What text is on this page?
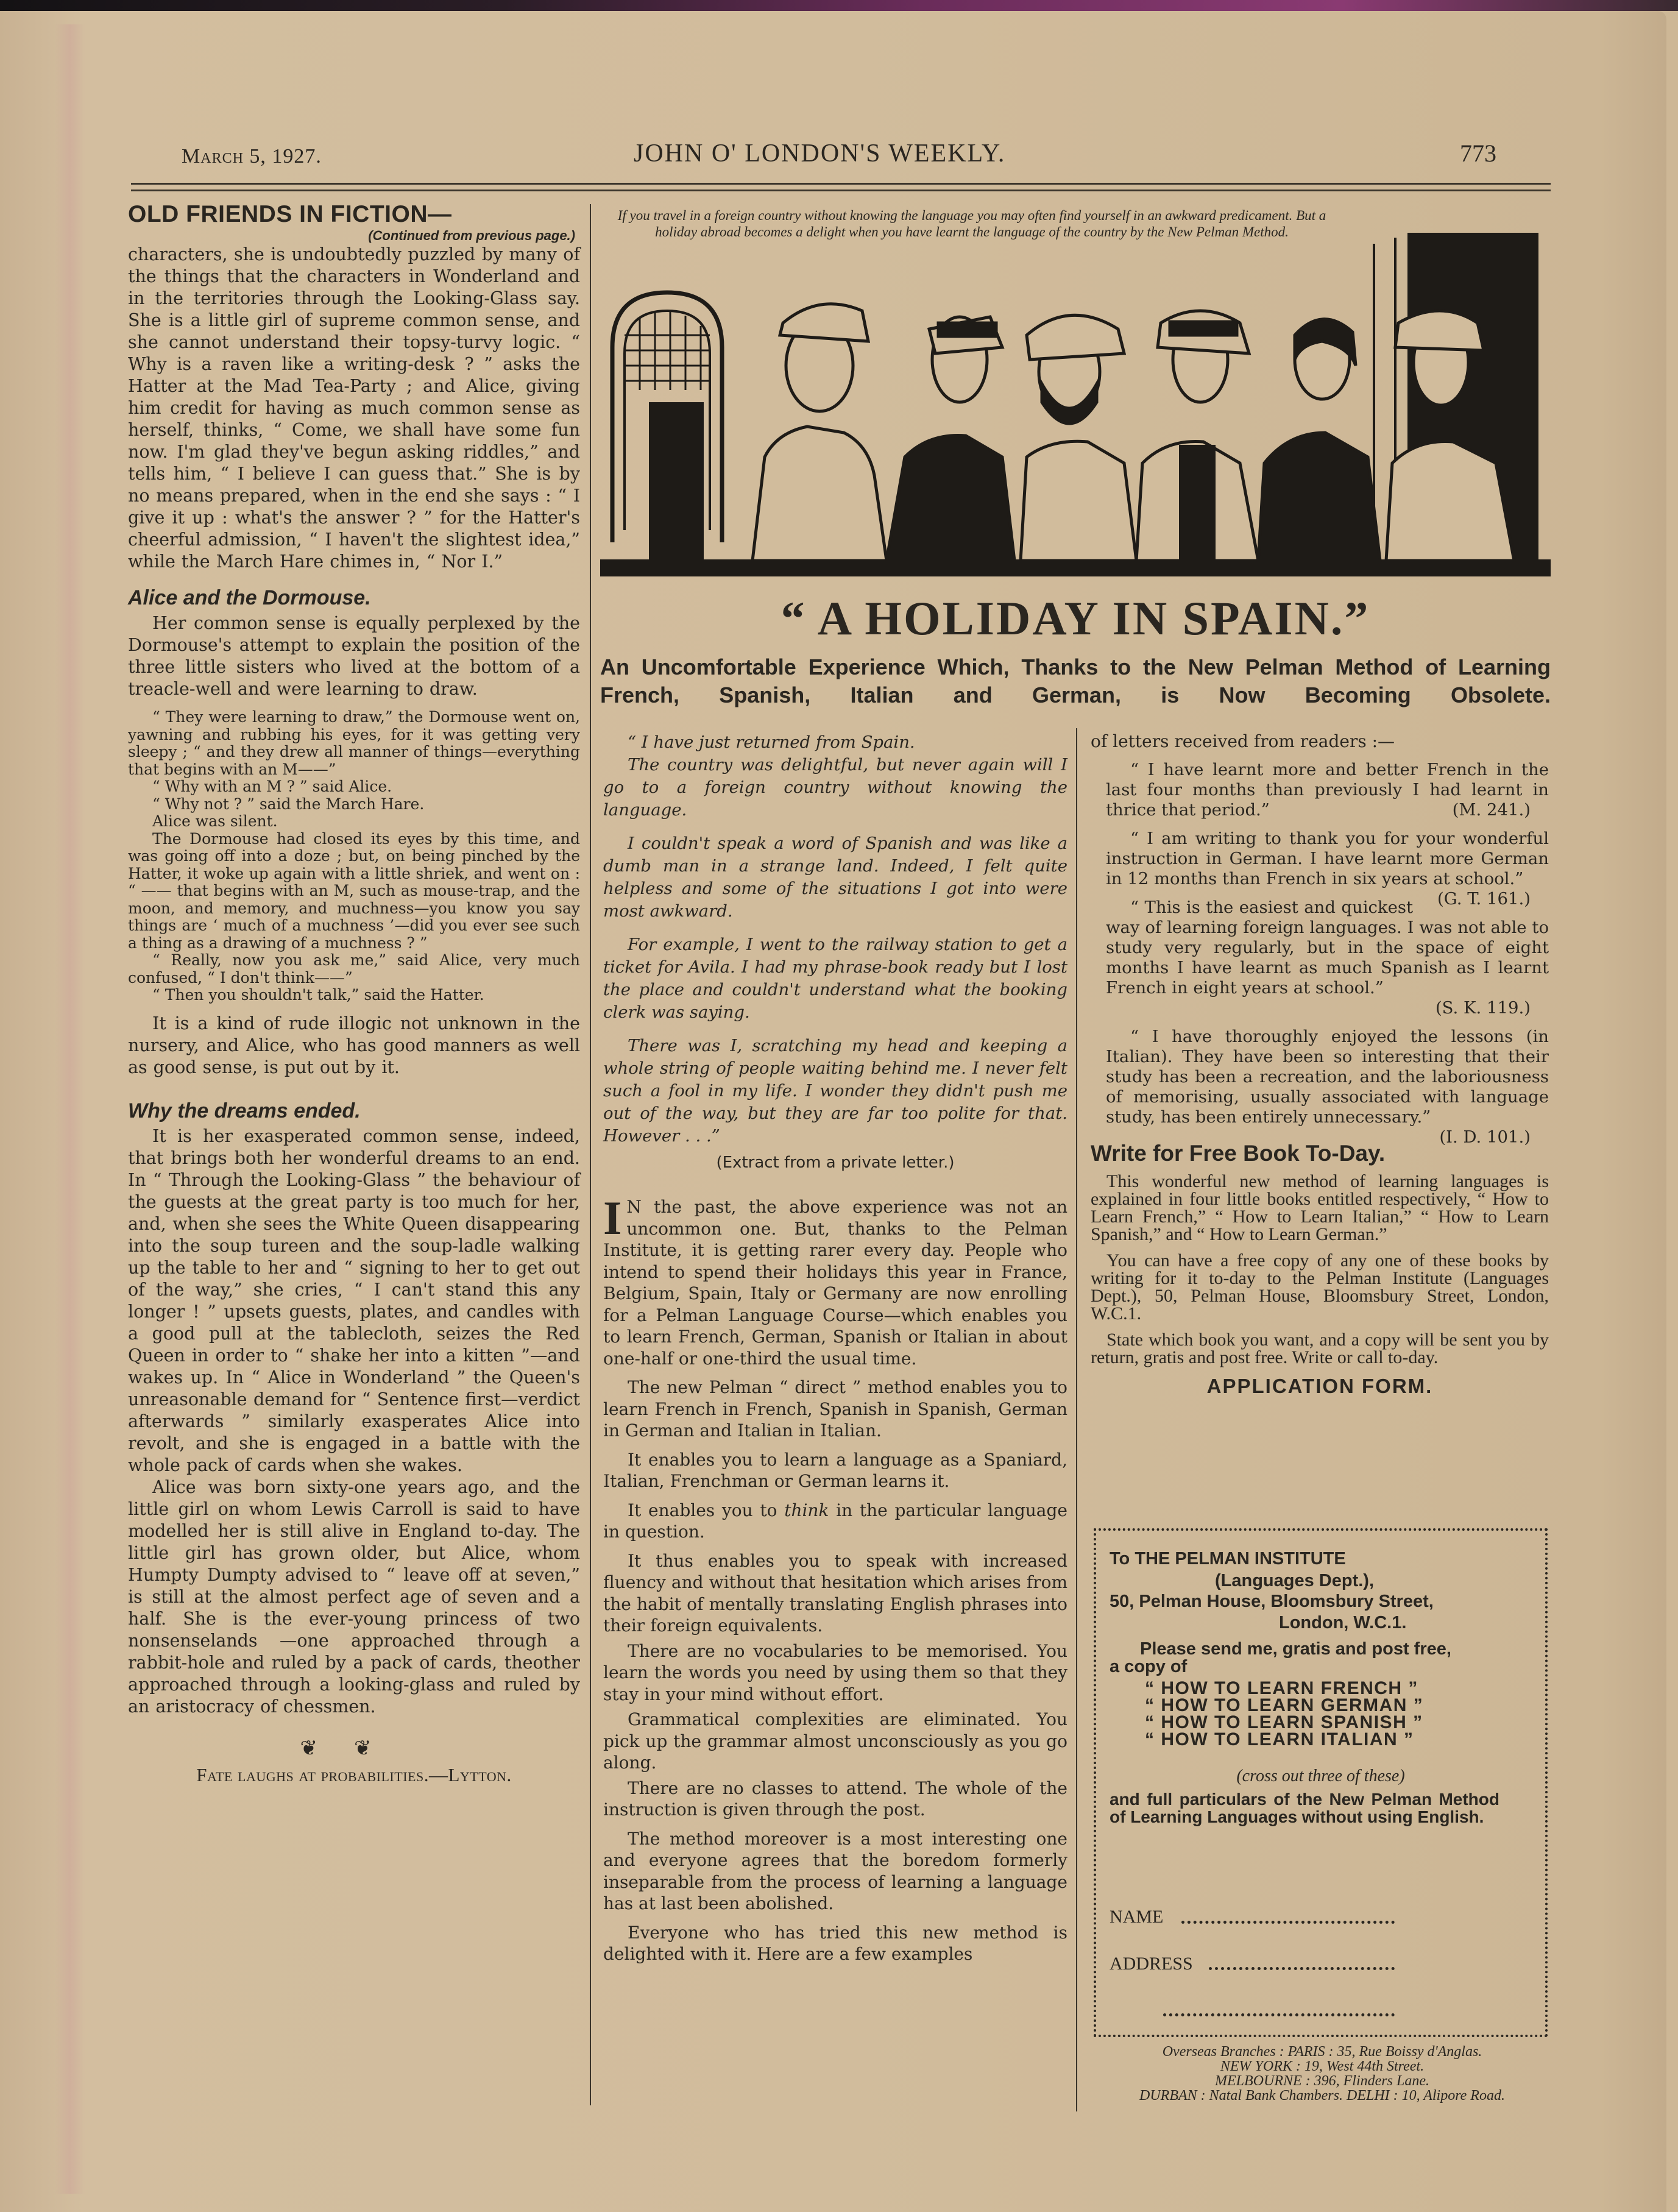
March 5, 1927.	JOHN O' LONDON'S WEEKLY.	773
OLD FRIENDS IN FICTION—

(Continued from previous page.)

characters, she is undoubtedly puzzled by many of the things that the characters in Wonderland and in the territories through the Looking-Glass say. She is a little girl of supreme common sense, and she cannot understand their topsy-turvy logic. “ Why is a raven like a writing-desk ? ” asks the Hatter at the Mad Tea-Party ; and Alice, giving him credit for having as much common sense as herself, thinks, “ Come, we shall have some fun now. I'm glad they've begun asking riddles,” and tells him, “ I believe I can guess that.” She is by no means prepared, when in the end she says : “ I give it up : what's the answer ? ” for the Hatter's cheerful admission, “ I haven't the slightest idea,” while the March Hare chimes in, “ Nor I.”

Alice and the Dormouse.

Her common sense is equally perplexed by the Dormouse's attempt to explain the position of the three little sisters who lived at the bottom of a treacle-well and were learning to draw.

“ They were learning to draw,” the Dormouse went on, yawning and rubbing his eyes, for it was getting very sleepy ; “ and they drew all manner of things—everything that begins with an M——”

“ Why with an M ? ” said Alice.

“ Why not ? ” said the March Hare.

Alice was silent.

The Dormouse had closed its eyes by this time, and was going off into a doze ; but, on being pinched by the Hatter, it woke up again with a little shriek, and went on : “ —— that begins with an M, such as mouse-trap, and the moon, and memory, and muchness—you know you say things are ‘ much of a muchness ’—did you ever see such a thing as a drawing of a muchness ? ”

“ Really, now you ask me,” said Alice, very much confused, “ I don't think——”

“ Then you shouldn't talk,” said the Hatter.

It is a kind of rude illogic not unknown in the nursery, and Alice, who has good manners as well as good sense, is put out by it.

Why the dreams ended.

It is her exasperated common sense, indeed, that brings both her wonderful dreams to an end. In “ Through the Looking-Glass ” the behaviour of the guests at the great party is too much for her, and, when she sees the White Queen disappearing into the soup tureen and the soup-ladle walking up the table to her and “ signing to her to get out of the way,” she cries, “ I can't stand this any longer ! ” upsets guests, plates, and candles with a good pull at the tablecloth, seizes the Red Queen in order to “ shake her into a kitten ”—and wakes up. In “ Alice in Wonderland ” the Queen's unreasonable demand for “ Sentence first—verdict afterwards ” similarly exasperates Alice into revolt, and she is engaged in a battle with the whole pack of cards when she wakes.

Alice was born sixty-one years ago, and the little girl on whom Lewis Carroll is said to have modelled her is still alive in England to-day. The little girl has grown older, but Alice, whom Humpty Dumpty advised to “ leave off at seven,” is still at the almost perfect age of seven and a half. She is the ever-young princess of two nonsenselands —one approached through a rabbit-hole and ruled by a pack of cards, theother approached through a looking-glass and ruled by an aristocracy of chessmen.

❦❦

Fate laughs at probabilities.—Lytton.

If you travel in a foreign country without knowing the language you may often find yourself in an awkward predicament. But a holiday abroad becomes a delight when you have learnt the language of the country by the New Pelman Method.
“ A HOLIDAY IN SPAIN.”

An Uncomfortable Experience Which, Thanks to the New Pelman Method of Learning French, Spanish, Italian and German, is Now Becoming Obsolete.

“ I have just returned from Spain.

The country was delightful, but never again will I go to a foreign country without knowing the language.

I couldn't speak a word of Spanish and was like a dumb man in a strange land. Indeed, I felt quite helpless and some of the situations I got into were most awkward.

For example, I went to the railway station to get a ticket for Avila. I had my phrase-book ready but I lost the place and couldn't understand what the booking clerk was saying.

There was I, scratching my head and keeping a whole string of people waiting behind me. I never felt such a fool in my life. I wonder they didn't push me out of the way, but they are far too polite for that. However . . .”

(Extract from a private letter.)

I N the past, the above experience was not an uncommon one. But, thanks to the Pelman Institute, it is getting rarer every day. People who intend to spend their holidays this year in France, Belgium, Spain, Italy or Germany are now enrolling for a Pelman Language Course—which enables you to learn French, German, Spanish or Italian in about one-half or one-third the usual time.

The new Pelman “ direct ” method enables you to learn French in French, Spanish in Spanish, German in German and Italian in Italian.

It enables you to learn a language as a Spaniard, Italian, Frenchman or German learns it.

It enables you to think in the particular language in question.

It thus enables you to speak with increased fluency and without that hesitation which arises from the habit of mentally translating English phrases into their foreign equivalents.

There are no vocabularies to be memorised. You learn the words you need by using them so that they stay in your mind without effort.

Grammatical complexities are eliminated. You pick up the grammar almost unconsciously as you go along.

There are no classes to attend. The whole of the instruction is given through the post.

The method moreover is a most interesting one and everyone agrees that the boredom formerly inseparable from the process of learning a language has at last been abolished.

Everyone who has tried this new method is delighted with it. Here are a few examples

of letters received from readers :—

“ I have learnt more and better French in the last four months than previously I had learnt in thrice that period.”	(M. 241.)

“ I am writing to thank you for your wonderful instruction in German. I have learnt more German in 12 months than French in six years at school.”
(G. T. 161.)

“ This is the easiest and quickest way of learning foreign languages. I was not able to study very regularly, but in the space of eight months I have learnt as much Spanish as I learnt French in eight years at school.”
(S. K. 119.)

“ I have thoroughly enjoyed the lessons (in Italian). They have been so interesting that their study has been a recreation, and the laboriousness of memorising, usually associated with language study, has been entirely unnecessary.”
(I. D. 101.)

Write for Free Book To-Day.

This wonderful new method of learning languages is explained in four little books entitled respectively, “ How to Learn French,” “ How to Learn Italian,” “ How to Learn Spanish,” and “ How to Learn German.”

You can have a free copy of any one of these books by writing for it to-day to the Pelman Institute (Languages Dept.), 50, Pelman House, Bloomsbury Street, London, W.C.1.

State which book you want, and a copy will be sent you by return, gratis and post free. Write or call to-day.

APPLICATION FORM.

To THE PELMAN INSTITUTE
(Languages Dept.),
50, Pelman House, Bloomsbury Street,
London, W.C.1.
Please send me, gratis and post free,
a copy of
“ HOW TO LEARN FRENCH ”
“ HOW TO LEARN GERMAN ”
“ HOW TO LEARN SPANISH ”
“ HOW TO LEARN ITALIAN ”
(cross out three of these)
and full particulars of the New Pelman Method of Learning Languages without using English.
NAME
ADDRESS
Overseas Branches : PARIS : 35, Rue Boissy d'Anglas.
NEW YORK : 19, West 44th Street.
MELBOURNE : 396, Flinders Lane.
DURBAN : Natal Bank Chambers. DELHI : 10, Alipore Road.
